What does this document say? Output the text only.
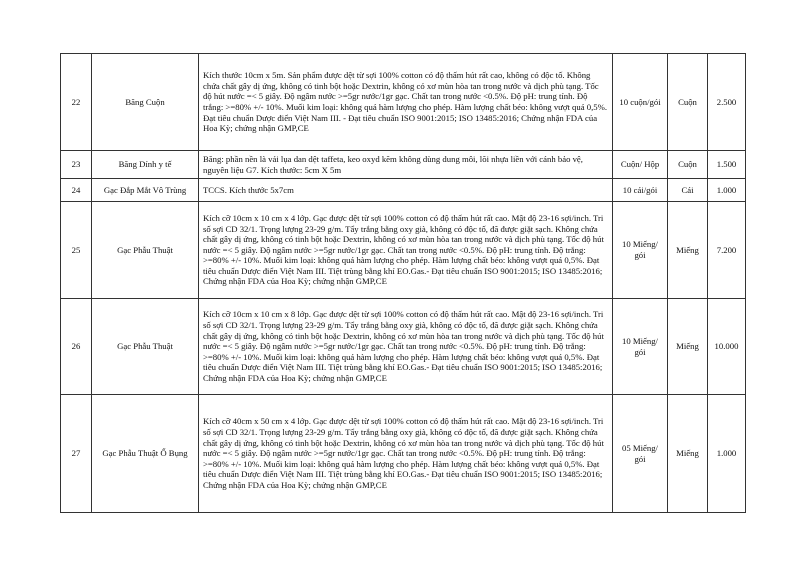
22	Băng Cuộn	Kích thước 10cm x 5m. Sản phẩm được dệt từ sợi 100% cotton có độ thấm hút rất cao, không có độc tố. Không chứa chất gây dị ứng, không có tinh bột hoặc Dextrin, không có xơ mùn hòa tan trong nước và dịch phù tạng. Tốc độ hút nước =< 5 giây. Độ ngâm nước >=5gr nước/1gr gạc. Chất tan trong nước <0.5%. Độ pH: trung tính. Độ trắng: >=80% +/- 10%. Muối kim loại: không quá hàm lượng cho phép. Hàm lượng chất béo: không vượt quá 0,5%. Đạt tiêu chuẩn Dược điển Việt Nam III. - Đạt tiêu chuẩn ISO 9001:2015; ISO 13485:2016; Chứng nhận FDA của Hoa Kỳ; chứng nhận GMP,CE	10 cuộn/gói	Cuộn	2.500
23	Băng Dính y tế	Băng: phần nền là vải lụa dan dệt taffeta, keo oxyd kẽm không dùng dung môi, lõi nhựa liền với cánh bảo vệ, nguyên liệu G7. Kích thước: 5cm X 5m	Cuộn/ Hộp	Cuộn	1.500
24	Gạc Đắp Mắt Vô Trùng	TCCS. Kích thước 5x7cm	10 cái/gói	Cái	1.000
25	Gạc Phẫu Thuật	Kích cỡ 10cm x 10 cm x 4 lớp. Gạc được dệt từ sợi 100% cotton có độ thấm hút rất cao. Mật độ 23-16 sợi/inch. Tri số sợi CD 32/1. Trọng lượng 23-29 g/m. Tẩy trắng bằng oxy già, không có độc tố, đã được giặt sạch. Không chứa chất gây dị ứng, không có tinh bột hoặc Dextrin, không có xơ mùn hòa tan trong nước và dịch phù tạng. Tốc độ hút nước =< 5 giây. Độ ngâm nước >=5gr nước/1gr gạc. Chất tan trong nước <0.5%. Độ pH: trung tính. Độ trắng: >=80% +/- 10%. Muối kim loại: không quá hàm lượng cho phép. Hàm lượng chất béo: không vượt quá 0,5%. Đạt tiêu chuẩn Dược điển Việt Nam III. Tiệt trùng bằng khí EO.Gas.- Đạt tiêu chuẩn ISO 9001:2015; ISO 13485:2016; Chứng nhận FDA của Hoa Kỳ; chứng nhận GMP,CE	10 Miếng/ gói	Miếng	7.200
26	Gạc Phẫu Thuật	Kích cỡ 10cm x 10 cm x 8 lớp. Gạc được dệt từ sợi 100% cotton có độ thấm hút rất cao. Mật độ 23-16 sợi/inch. Tri số sợi CD 32/1. Trọng lượng 23-29 g/m. Tẩy trắng bằng oxy già, không có độc tố, đã được giặt sạch. Không chứa chất gây dị ứng, không có tinh bột hoặc Dextrin, không có xơ mùn hòa tan trong nước và dịch phù tạng. Tốc độ hút nước =< 5 giây. Độ ngâm nước >=5gr nước/1gr gạc. Chất tan trong nước <0.5%. Độ pH: trung tính. Độ trắng: >=80% +/- 10%. Muối kim loại: không quá hàm lượng cho phép. Hàm lượng chất béo: không vượt quá 0,5%. Đạt tiêu chuẩn Dược điển Việt Nam III. Tiệt trùng bằng khí EO.Gas.- Đạt tiêu chuẩn ISO 9001:2015; ISO 13485:2016; Chứng nhận FDA của Hoa Kỳ; chứng nhận GMP,CE	10 Miếng/ gói	Miếng	10.000
27	Gạc Phẫu Thuật Ổ Bụng	Kích cỡ 40cm x 50 cm x 4 lớp. Gạc được dệt từ sợi 100% cotton có độ thấm hút rất cao. Mật độ 23-16 sợi/inch. Tri số sợi CD 32/1. Trọng lượng 23-29 g/m. Tẩy trắng bằng oxy già, không có độc tố, đã được giặt sạch. Không chứa chất gây dị ứng, không có tinh bột hoặc Dextrin, không có xơ mùn hòa tan trong nước và dịch phù tạng. Tốc độ hút nước =< 5 giây. Độ ngâm nước >=5gr nước/1gr gạc. Chất tan trong nước <0.5%. Độ pH: trung tính. Độ trắng: >=80% +/- 10%. Muối kim loại: không quá hàm lượng cho phép. Hàm lượng chất béo: không vượt quá 0,5%. Đạt tiêu chuẩn Dược điển Việt Nam III. Tiệt trùng bằng khí EO.Gas.- Đạt tiêu chuẩn ISO 9001:2015; ISO 13485:2016; Chứng nhận FDA của Hoa Kỳ; chứng nhận GMP,CE	05 Miếng/ gói	Miếng	1.000
